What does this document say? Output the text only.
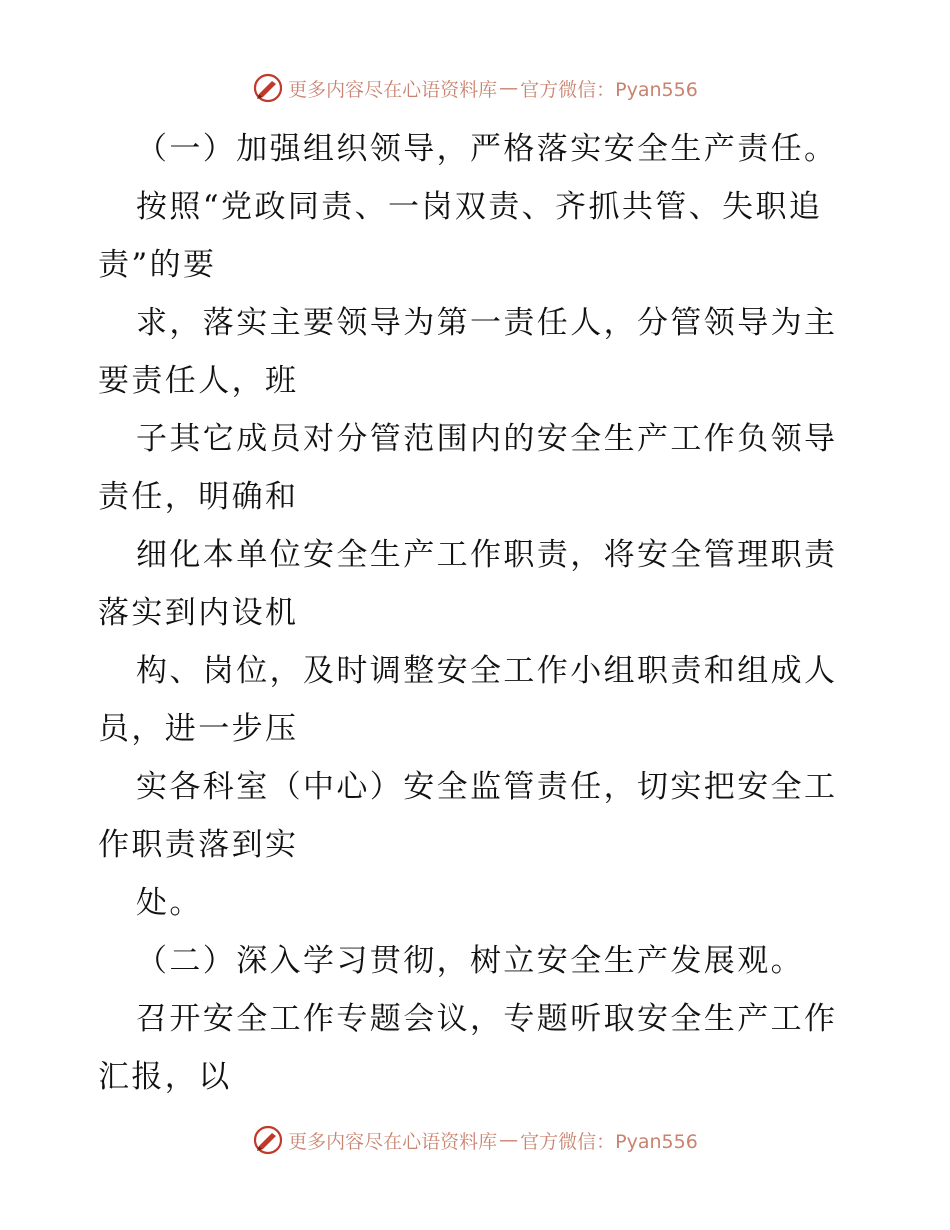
更多内容尽在心语资料库 — 官方微信：Pyan556
（一）加强组织领导，严格落实安全生产责任。
按照“党政同责、一岗双责、齐抓共管、失职追
责”的要
求，落实主要领导为第一责任人，分管领导为主
要责任人，班
子其它成员对分管范围内的安全生产工作负领导
责任，明确和
细化本单位安全生产工作职责，将安全管理职责
落实到内设机
构、岗位，及时调整安全工作小组职责和组成人
员，进一步压
实各科室（中心）安全监管责任，切实把安全工
作职责落到实
处。
（二）深入学习贯彻，树立安全生产发展观。
召开安全工作专题会议，专题听取安全生产工作
汇报，以
更多内容尽在心语资料库 — 官方微信：Pyan556
